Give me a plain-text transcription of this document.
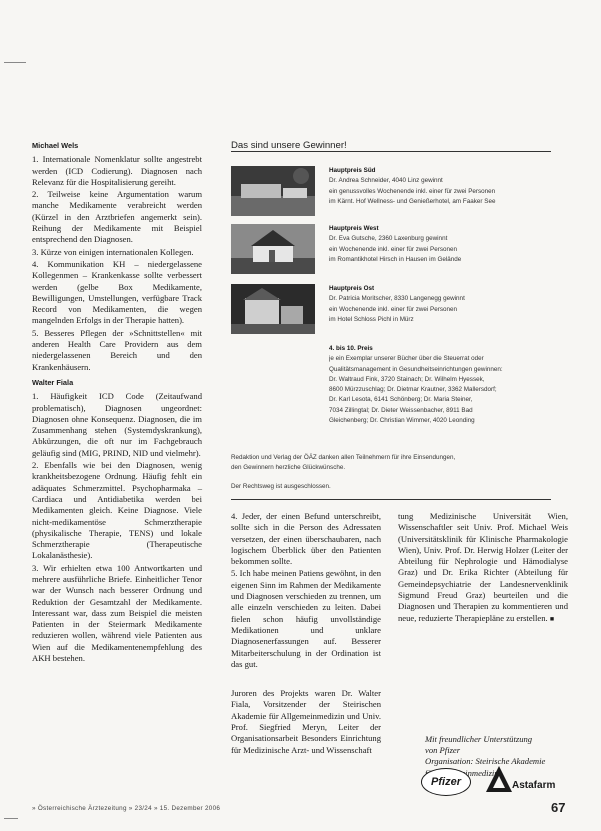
Michael Wels

1. Internationale Nomenklatur sollte angestrebt werden (ICD Codierung). Diagnosen nach Relevanz für die Hospitalisierung gereiht.

2. Teilweise keine Argumentation warum manche Medikamente verabreicht werden (Kürzel in den Arztbriefen angemerkt sein). Reihung der Medikamente mit Beispiel entsprechend den Diagnosen.

3. Kürze von einigen internationalen Kollegen.

4. Kommunikation KH – niedergelassene Kollegenmen – Krankenkasse sollte verbessert werden (gelbe Box Medikamente, Bewilligungen, Umstellungen, verfügbare Track Record von Medikamenten, die wegen mangelnden Erfolgs in der Therapie hatten).

5. Besseres Pflegen der »Schnittstellen« mit anderen Health Care Providern aus dem niedergelassenen Bereich und den Krankenhäusern.

Walter Fiala

1. Häufigkeit ICD Code (Zeitaufwand problematisch), Diagnosen ungeordnet: Diagnosen ohne Konsequenz. Diagnosen, die im Zusammenhang stehen (Systemdyskrankung), Abkürzungen, die oft nur im Fachgebrauch geläufig sind (MIG, PRIND, NID und vielmehr).

2. Ebenfalls wie bei den Diagnosen, wenig krankheitsbezogene Ordnung. Häufig fehlt ein adäquates Schmerzmittel. Psychopharmaka – Cardiaca und Antidiabetika werden bei Medikamenten gleich. Keine Diagnose. Viele nicht-medikamentöse Schmerztherapie (physikalische Therapie, TENS) und lokale Schmerztherapie (Therapeutische Lokalanästhesie).

3. Wir erhielten etwa 100 Antwortkarten und mehrere ausführliche Briefe. Einheitlicher Tenor war der Wunsch nach besserer Ordnung und Reduktion der Gesamtzahl der Medikamente. Interessant war, dass zum Beispiel die meisten Patienten in der Steiermark Medikamente reduzieren wollen, während viele Patienten aus Wien auf die Medikamentenempfehlung des AKH bestehen.

Das sind unsere Gewinner!
Hauptpreis Süd
Dr. Andrea Schneider, 4040 Linz gewinnt
ein genussvolles Wochenende inkl. einer für zwei Personen
im Kärnt. Hof Wellness- und Genießerhotel, am Faaker See
Hauptpreis West
Dr. Eva Gutsche, 2360 Laxenburg gewinnt
ein Wochenende inkl. einer für zwei Personen
im Romantikhotel Hirsch in Hausen im Gelände
Hauptpreis Ost
Dr. Patricia Moritscher, 8330 Langenegg gewinnt
ein Wochenende inkl. einer für zwei Personen
im Hotel Schloss Pichl in Mürz
4. bis 10. Preis
je ein Exemplar unserer Bücher über die Steuerrat oder
Qualitätsmanagement in Gesundheitseinrichtungen gewinnen:
Dr. Waltraud Fink, 3720 Stainach; Dr. Wilhelm Hyessek,
8600 Mürzzuschlag; Dr. Dietmar Krautner, 3362 Mallersdorf;
Dr. Karl Lesota, 6141 Schönberg; Dr. Maria Steiner,
7034 Zillingtal; Dr. Dieter Weissenbacher, 8911 Bad
Gleichenberg; Dr. Christian Wimmer, 4020 Leonding
Redaktion und Verlag der ÖÄZ danken allen Teilnehmern für ihre Einsendungen,
den Gewinnern herzliche Glückwünsche.
Der Rechtsweg ist ausgeschlossen.

4. Jeder, der einen Befund unterschreibt, sollte sich in die Person des Adressaten versetzen, der einen überschaubaren, nach logischem Überblick über den Patienten bekommen sollte.

5. Ich habe meinen Patiens gewöhnt, in den eigenen Sinn im Rahmen der Medikamente und Diagnosen verschieden zu trennen, um alle einzeln verschieden zu leiten. Dabei fielen schon häufig unvollständige Medikationen und unklare Diagnosenerfassungen auf. Besserer Mitarbeiterschulung in der Ordination ist das gut.

Juroren des Projekts waren Dr. Walter Fiala, Vorsitzender der Steirischen Akademie für Allgemeinmedizin und Univ. Prof. Siegfried Meryn, Leiter der Organisationsarbeit Besonders Einrichtung für Medizinische Arzt- und Wissenschaft

tung Medizinische Universität Wien, Wissenschaftler seit Univ. Prof. Michael Weis (Universitätsklinik für Klinische Pharmakologie Wien), Univ. Prof. Dr. Herwig Holzer (Leiter der Abteilung für Nephrologie und Hämodialyse Graz) und Dr. Erika Richter (Abteilung für Gemeindepsychiatrie der Landesnervenklinik Sigmund Freud Graz) beurteilen und die Diagnosen und Therapien zu kommentieren und neue, reduzierte Therapiepläne zu erstellen. ■

Mit freundlicher Unterstützung
von Pfizer
Organisation: Steirische Akademie
Allgemeinmedizin
Pfizer	Astafarm
» Österreichische Ärztezeitung » 23/24 » 15. Dezember 2006	67
